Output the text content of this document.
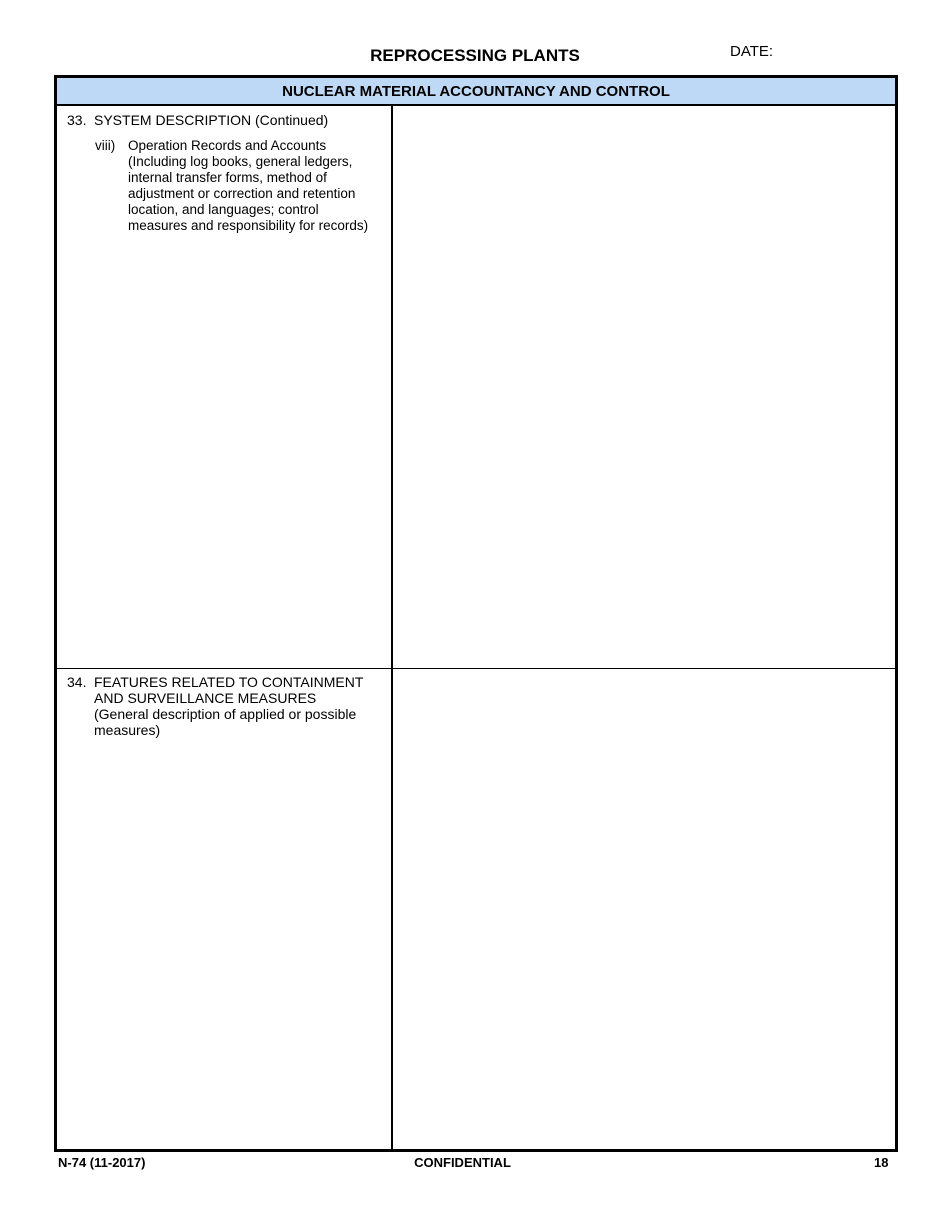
REPROCESSING PLANTS	DATE:
NUCLEAR MATERIAL ACCOUNTANCY AND CONTROL
33. SYSTEM DESCRIPTION (Continued)
viii) Operation Records and Accounts
(Including log books, general ledgers,
internal transfer forms, method of
adjustment or correction and retention
location, and languages; control
measures and responsibility for records)
34. FEATURES RELATED TO CONTAINMENT
AND SURVEILLANCE MEASURES
(General description of applied or possible
measures)
N-74 (11-2017)	CONFIDENTIAL	18
